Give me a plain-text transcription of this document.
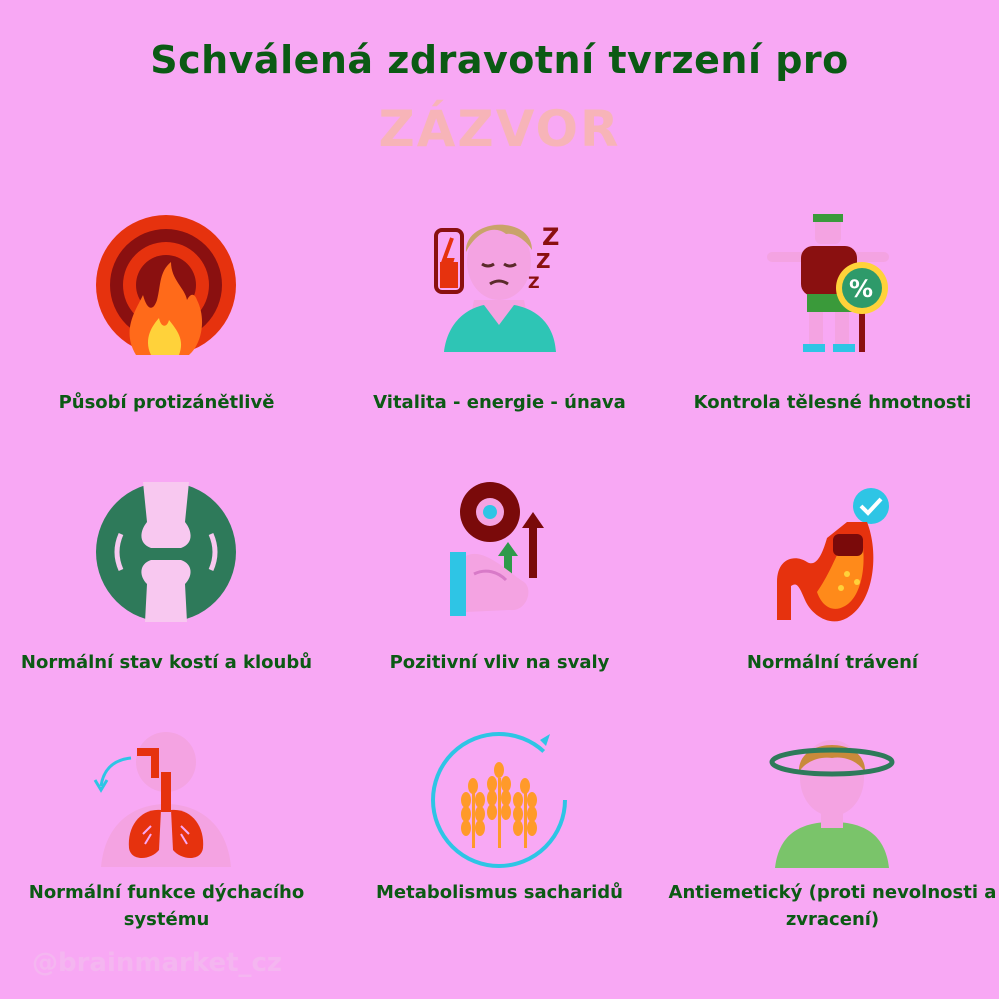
Schválená zdravotní tvrzení pro
ZÁZVOR
Působí protizánětlivě
Z
Z
Z
Vitalita - energie - únava
%
Kontrola tělesné hmotnosti
Normální stav kostí a kloubů	Pozitivní vliv na svaly	Normální trávení
Normální funkce dýchacího systému
Metabolismus sacharidů	Antiemetický (proti nevolnosti a zvracení)
@brainmarket_cz
